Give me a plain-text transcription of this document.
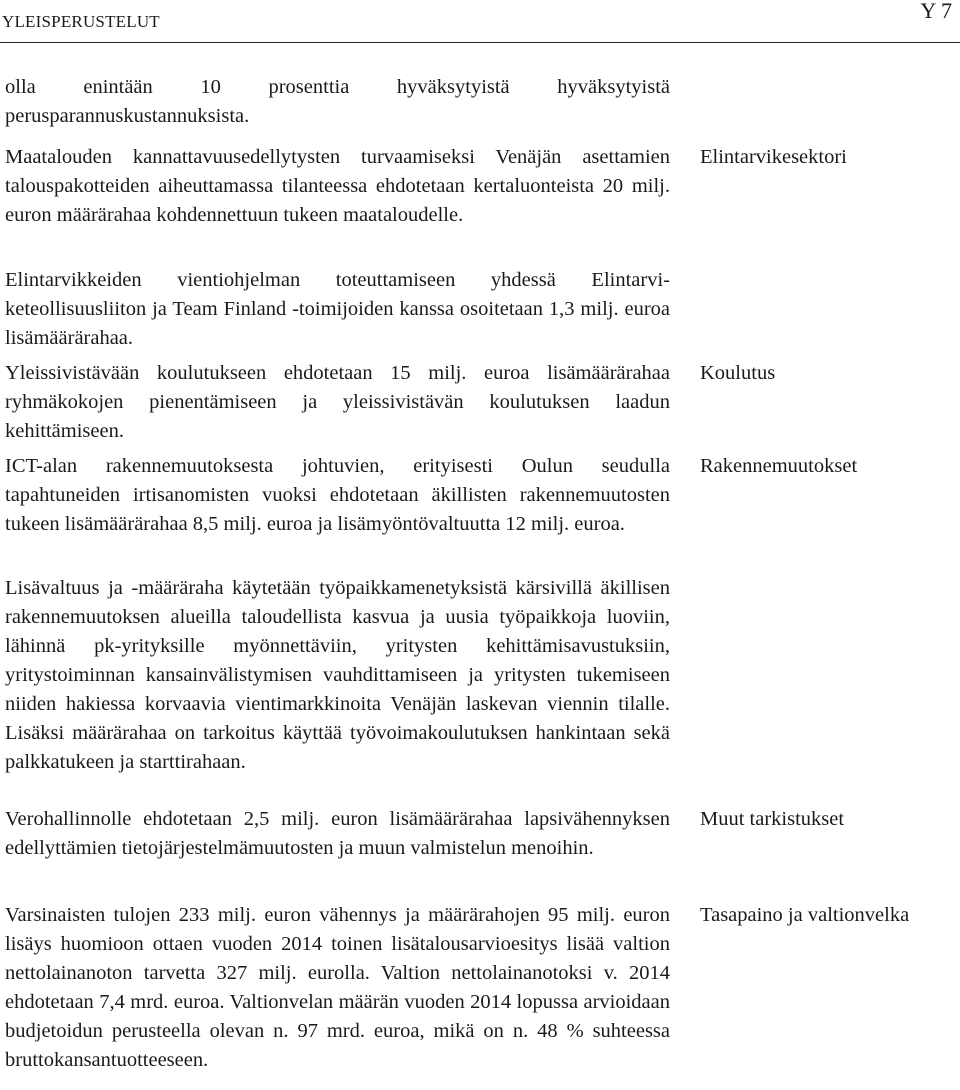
YLEISPERUSTELUT	Y 7
olla enintään 10 prosenttia hyväksytyistä hyväksytyistä perusparannuskustannuksista.
Maatalouden kannattavuusedellytysten turvaamiseksi Venäjän asettamien talouspakotteiden aiheuttamassa tilanteessa ehdotetaan kertaluonteista 20 milj. euron määrärahaa kohdennettuun tukeen maataloudelle.
Elintarvikkeiden vientiohjelman toteuttamiseen yhdessä Elintarviketeollisuusliiton ja Team Finland -toimijoiden kanssa osoitetaan 1,3 milj. euroa lisämäärärahaa.
Yleissivistävään koulutukseen ehdotetaan 15 milj. euroa lisämäärärahaa ryhmäkokojen pienentämiseen ja yleissivistävän koulutuksen laadun kehittämiseen.
ICT-alan rakennemuutoksesta johtuvien, erityisesti Oulun seudulla tapahtuneiden irtisanomisten vuoksi ehdotetaan äkillisten rakennemuutosten tukeen lisämäärärahaa 8,5 milj. euroa ja lisämyöntövaltuutta 12 milj. euroa.
Lisävaltuus ja -määräraha käytetään työpaikkamenetyksistä kärsivillä äkillisen rakennemuutoksen alueilla taloudellista kasvua ja uusia työpaikkoja luoviin, lähinnä pk-yrityksille myönnettäviin, yritysten kehittämisavustuksiin, yritystoiminnan kansainvälistymisen vauhdittamiseen ja yritysten tukemiseen niiden hakiessa korvaavia vientimarkkinoita Venäjän laskevan viennin tilalle. Lisäksi määrärahaa on tarkoitus käyttää työvoimakoulutuksen hankintaan sekä palkkatukeen ja starttirahaan.
Verohallinnolle ehdotetaan 2,5 milj. euron lisämäärärahaa lapsivähennyksen edellyttämien tietojärjestelmämuutosten ja muun valmistelun menoihin.
Varsinaisten tulojen 233 milj. euron vähennys ja määrärahojen 95 milj. euron lisäys huomioon ottaen vuoden 2014 toinen lisätalousarvioesitys lisää valtion nettolainanoton tarvetta 327 milj. eurolla. Valtion nettolainanotoksi v. 2014 ehdotetaan 7,4 mrd. euroa. Valtionvelan määrän vuoden 2014 lopussa arvioidaan budjetoidun perusteella olevan n. 97 mrd. euroa, mikä on n. 48 % suhteessa bruttokansantuotteeseen.
Elintarvikesektori
Koulutus
Rakennemuutokset
Muut tarkistukset
Tasapaino ja valtionvelka
